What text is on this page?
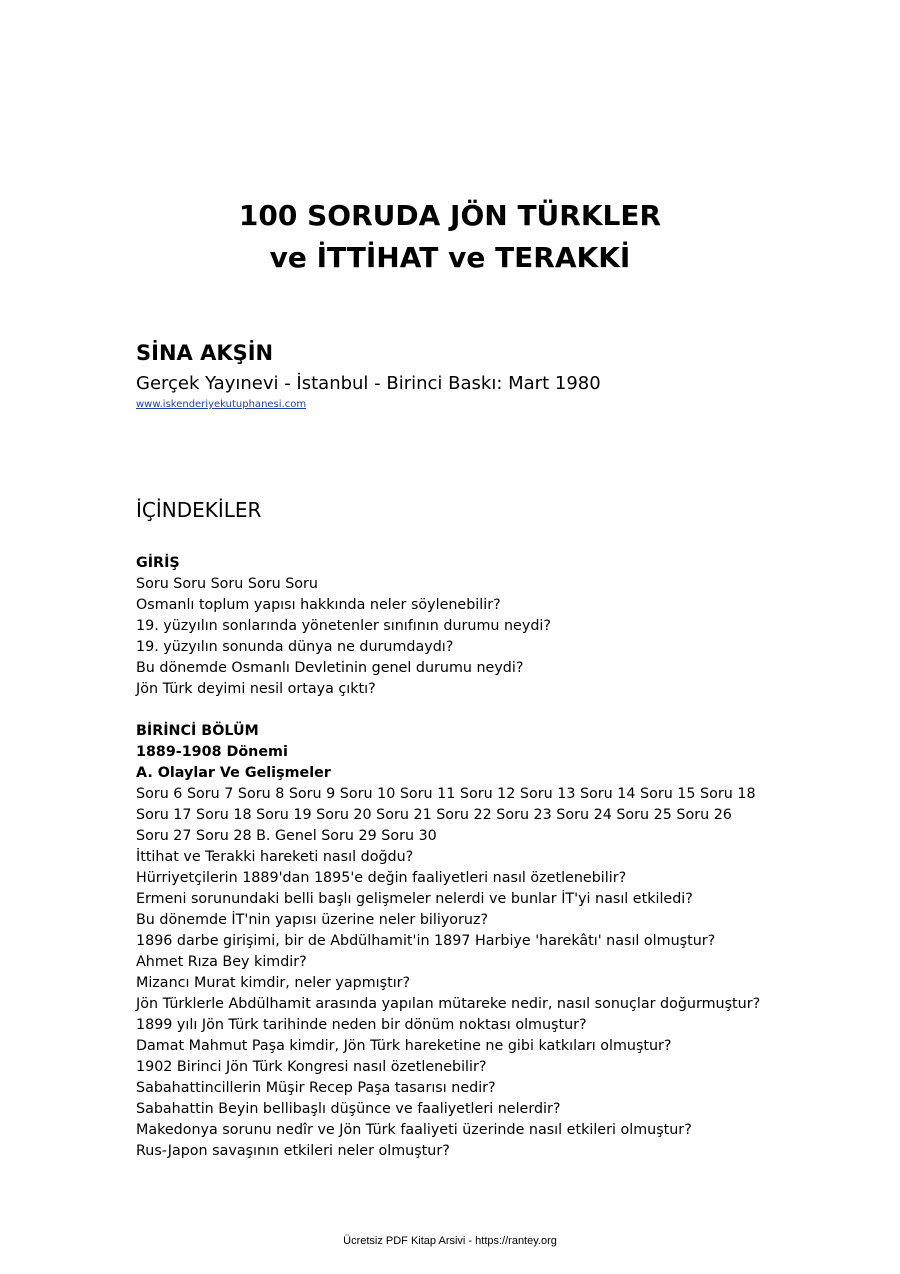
100 SORUDA JÖN TÜRKLER
ve İTTİHAT ve TERAKKİ
SİNA AKŞİN
Gerçek Yayınevi - İstanbul - Birinci Baskı: Mart 1980
www.iskenderiyekutuphanesi.com
İÇİNDEKİLER
GİRİŞ
Soru Soru Soru Soru Soru
Osmanlı toplum yapısı hakkında neler söylenebilir?
19. yüzyılın sonlarında yönetenler sınıfının durumu neydi?
19. yüzyılın sonunda dünya ne durumdaydı?
Bu dönemde Osmanlı Devletinin genel durumu neydi?
Jön Türk deyimi nesil ortaya çıktı?
BİRİNCİ BÖLÜM
1889-1908 Dönemi
A. Olaylar Ve Gelişmeler
Soru 6 Soru 7 Soru 8 Soru 9 Soru 10 Soru 11 Soru 12 Soru 13 Soru 14 Soru 15 Soru 18
Soru 17 Soru 18 Soru 19 Soru 20 Soru 21 Soru 22 Soru 23 Soru 24 Soru 25 Soru 26
Soru 27 Soru 28 B. Genel Soru 29 Soru 30
İttihat ve Terakki hareketi nasıl doğdu?
Hürriyetçilerin 1889'dan 1895'e değin faaliyetleri nasıl özetlenebilir?
Ermeni sorunundaki belli başlı gelişmeler nelerdi ve bunlar İT'yi nasıl etkiledi?
Bu dönemde İT'nin yapısı üzerine neler biliyoruz?
1896 darbe girişimi, bir de Abdülhamit'in 1897 Harbiye 'harekâtı' nasıl olmuştur?
Ahmet Rıza Bey kimdir?
Mizancı Murat kimdir, neler yapmıştır?
Jön Türklerle Abdülhamit arasında yapılan mütareke nedir, nasıl sonuçlar doğurmuştur?
1899 yılı Jön Türk tarihinde neden bir dönüm noktası olmuştur?
Damat Mahmut Paşa kimdir, Jön Türk hareketine ne gibi katkıları olmuştur?
1902 Birinci Jön Türk Kongresi nasıl özetlenebilir?
Sabahattincillerin Müşir Recep Paşa tasarısı nedir?
Sabahattin Beyin bellibaşlı düşünce ve faaliyetleri nelerdir?
Makedonya sorunu nedîr ve Jön Türk faaliyeti üzerinde nasıl etkileri olmuştur?
Rus-Japon savaşının etkileri neler olmuştur?
Ücretsiz PDF Kitap Arsivi - https://rantey.org
